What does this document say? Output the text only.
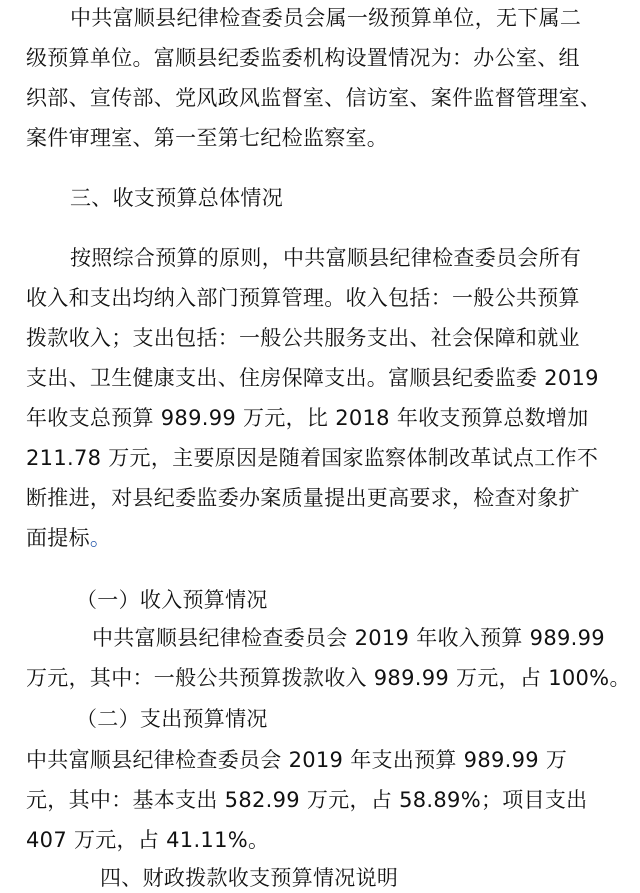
中共富顺县纪律检查委员会属一级预算单位，无下属二
级预算单位。富顺县纪委监委机构设置情况为：办公室、组
织部、宣传部、党风政风监督室、信访室、案件监督管理室、
案件审理室、第一至第七纪检监察室。
三、收支预算总体情况
按照综合预算的原则，中共富顺县纪律检查委员会所有
收入和支出均纳入部门预算管理。收入包括：一般公共预算
拨款收入；支出包括：一般公共服务支出、社会保障和就业
支出、卫生健康支出、住房保障支出。富顺县纪委监委 2019
年收支总预算 989.99 万元，比 2018 年收支预算总数增加
211.78 万元，主要原因是随着国家监察体制改革试点工作不
断推进，对县纪委监委办案质量提出更高要求，检查对象扩
面提标。
（一）收入预算情况
中共富顺县纪律检查委员会 2019 年收入预算 989.99
万元，其中：一般公共预算拨款收入 989.99 万元，占 100%。
（二）支出预算情况
中共富顺县纪律检查委员会 2019 年支出预算 989.99 万
元，其中：基本支出 582.99 万元，占 58.89%；项目支出
407 万元，占 41.11%。
四、财政拨款收支预算情况说明
